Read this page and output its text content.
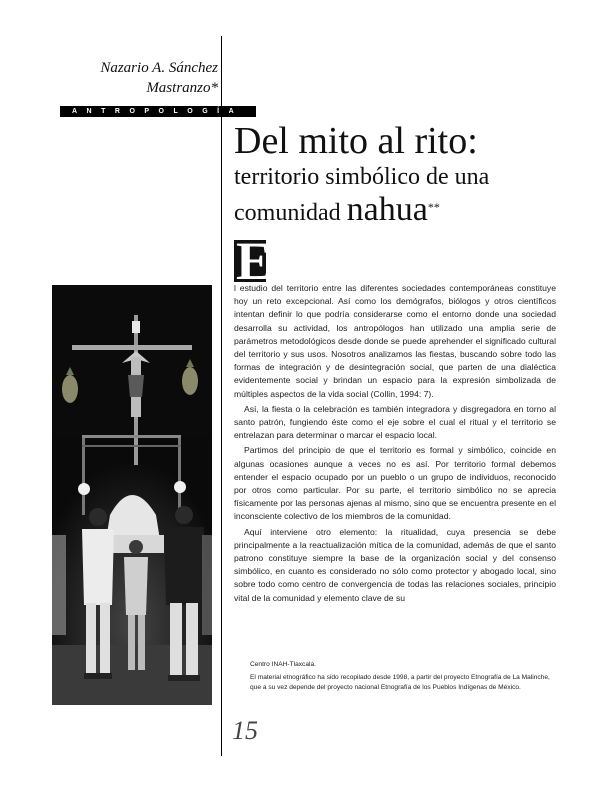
Nazario A. Sánchez
Mastranzo*
ANTROPOLOGÍA
Del mito al rito:
territorio simbólico de una
comunidad nahua**
E

l estudio del territorio entre las diferentes sociedades contemporáneas constituye hoy un reto excepcional. Así como los demógrafos, biólogos y otros científicos intentan definir lo que podría considerarse como el entorno donde una sociedad desarrolla su actividad, los antropólogos han utilizado una amplia serie de parámetros metodológicos desde donde se puede aprehender el significado cultural del territorio y sus usos. Nosotros analizamos las fiestas, buscando sobre todo las formas de integración y de desintegración social, que parten de una dialéctica evidentemente social y brindan un espacio para la expresión simbolizada de múltiples aspectos de la vida social (Collin, 1994: 7).

Así, la fiesta o la celebración es también integradora y disgregadora en torno al santo patrón, fungiendo éste como el eje sobre el cual el ritual y el territorio se entrelazan para determinar o marcar el espacio local.

Partimos del principio de que el territorio es formal y simbólico, coincide en algunas ocasiones aunque a veces no es así. Por territorio formal debemos entender el espacio ocupado por un pueblo o un grupo de individuos, reconocido por otros como particular. Por su parte, el territorio simbólico no se aprecia físicamente por las personas ajenas al mismo, sino que se encuentra presente en el inconsciente colectivo de los miembros de la comunidad.

Aquí interviene otro elemento: la ritualidad, cuya presencia se debe principalmente a la reactualización mítica de la comunidad, además de que el santo patrono constituye siempre la base de la organización social y del consenso simbólico, en cuanto es considerado no sólo como protector y abogado local, sino sobre todo como centro de convergencia de todas las relaciones sociales, principio vital de la comunidad y elemento clave de su

Centro INAH-Tlaxcala.

El material etnográfico ha sido recopilado desde 1998, a partir del proyecto Etnografía de La Malinche, que a su vez depende del proyecto nacional Etnografía de los Pueblos Indígenas de México.

15
